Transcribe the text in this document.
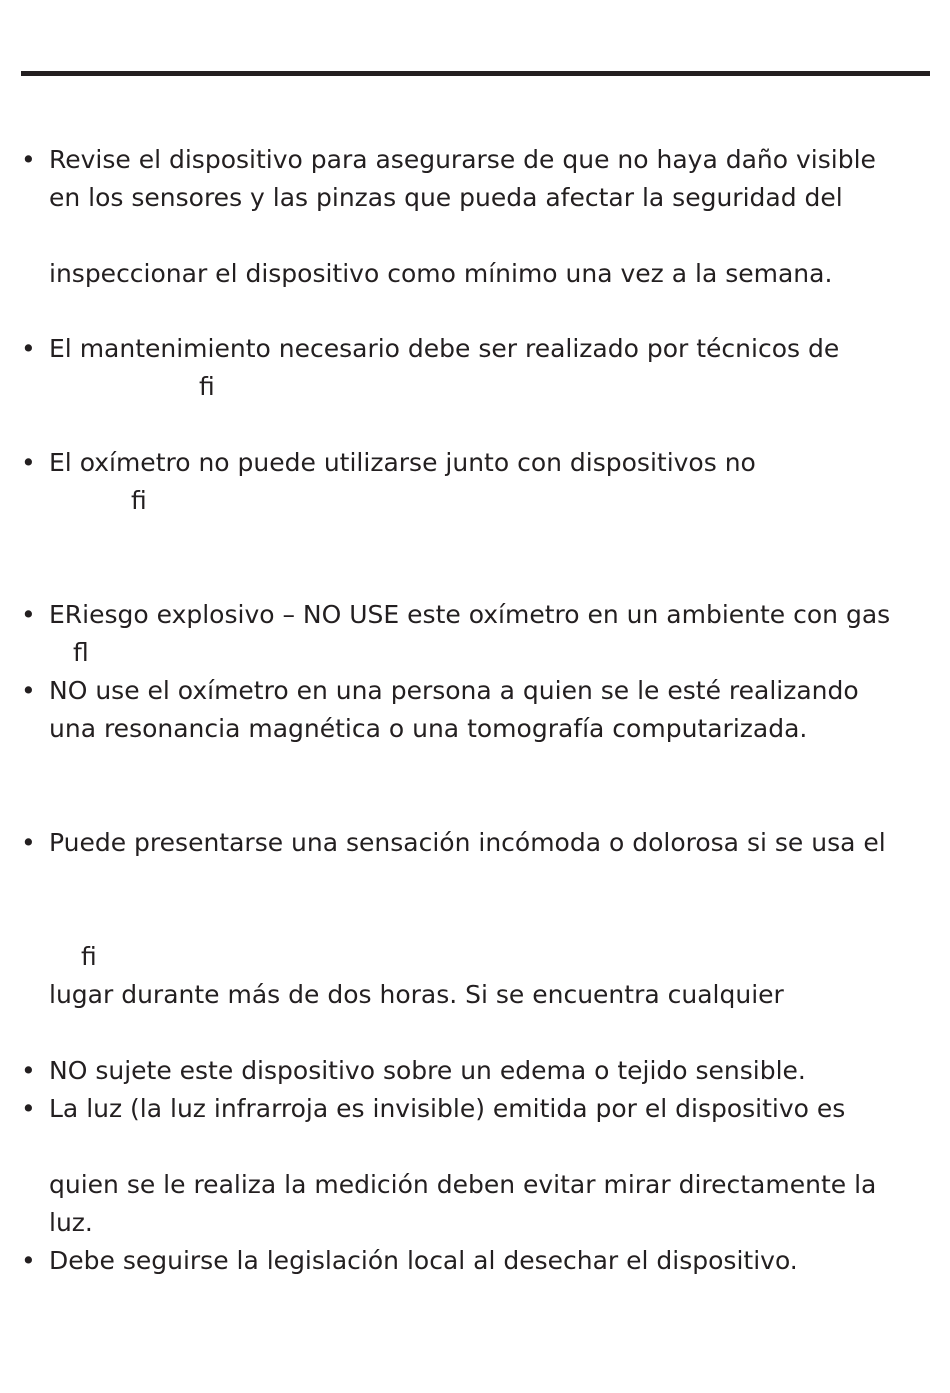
•
•
•
•
•
•
•
•
•
Revise el dispositivo para asegurarse de que no haya daño visible
en los sensores y las pinzas que pueda afectar la seguridad del
inspeccionar el dispositivo como mínimo una vez a la semana.
El mantenimiento necesario debe ser realizado por técnicos de
ﬁ
El oxímetro no puede utilizarse junto con dispositivos no
ﬁ
ERiesgo explosivo – NO USE este oxímetro en un ambiente con gas
ﬂ
NO use el oxímetro en una persona a quien se le esté realizando
una resonancia magnética o una tomografía computarizada.
Puede presentarse una sensación incómoda o dolorosa si se usa el
ﬁ
lugar durante más de dos horas. Si se encuentra cualquier
NO sujete este dispositivo sobre un edema o tejido sensible.
La luz (la luz infrarroja es invisible) emitida por el dispositivo es
quien se le realiza la medición deben evitar mirar directamente la
luz.
Debe seguirse la legislación local al desechar el dispositivo.
